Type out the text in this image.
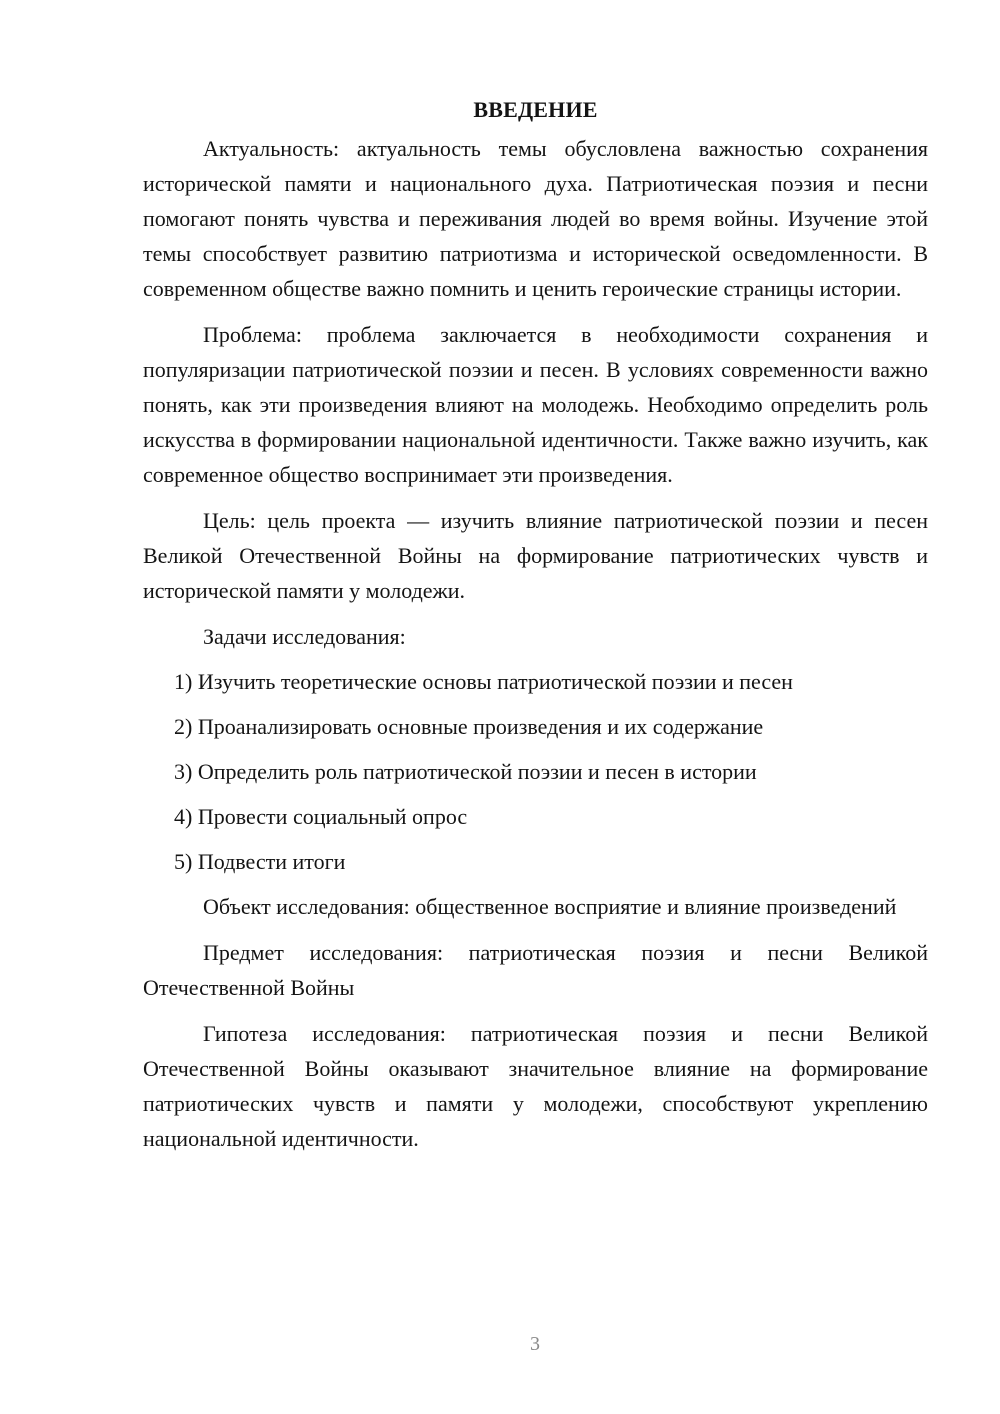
ВВЕДЕНИЕ

Актуальность: актуальность темы обусловлена важностью сохранения исторической памяти и национального духа. Патриотическая поэзия и песни помогают понять чувства и переживания людей во время войны. Изучение этой темы способствует развитию патриотизма и исторической осведомленности. В современном обществе важно помнить и ценить героические страницы истории.

Проблема: проблема заключается в необходимости сохранения и популяризации патриотической поэзии и песен. В условиях современности важно понять, как эти произведения влияют на молодежь. Необходимо определить роль искусства в формировании национальной идентичности. Также важно изучить, как современное общество воспринимает эти произведения.

Цель: цель проекта — изучить влияние патриотической поэзии и песен Великой Отечественной Войны на формирование патриотических чувств и исторической памяти у молодежи.

Задачи исследования:
1) Изучить теоретические основы патриотической поэзии и песен
2) Проанализировать основные произведения и их содержание
3) Определить роль патриотической поэзии и песен в истории
4) Провести социальный опрос
5) Подвести итоги

Объект исследования: общественное восприятие и влияние произведений

Предмет исследования: патриотическая поэзия и песни Великой Отечественной Войны

Гипотеза исследования: патриотическая поэзия и песни Великой Отечественной Войны оказывают значительное влияние на формирование патриотических чувств и памяти у молодежи, способствуют укреплению национальной идентичности.

3
